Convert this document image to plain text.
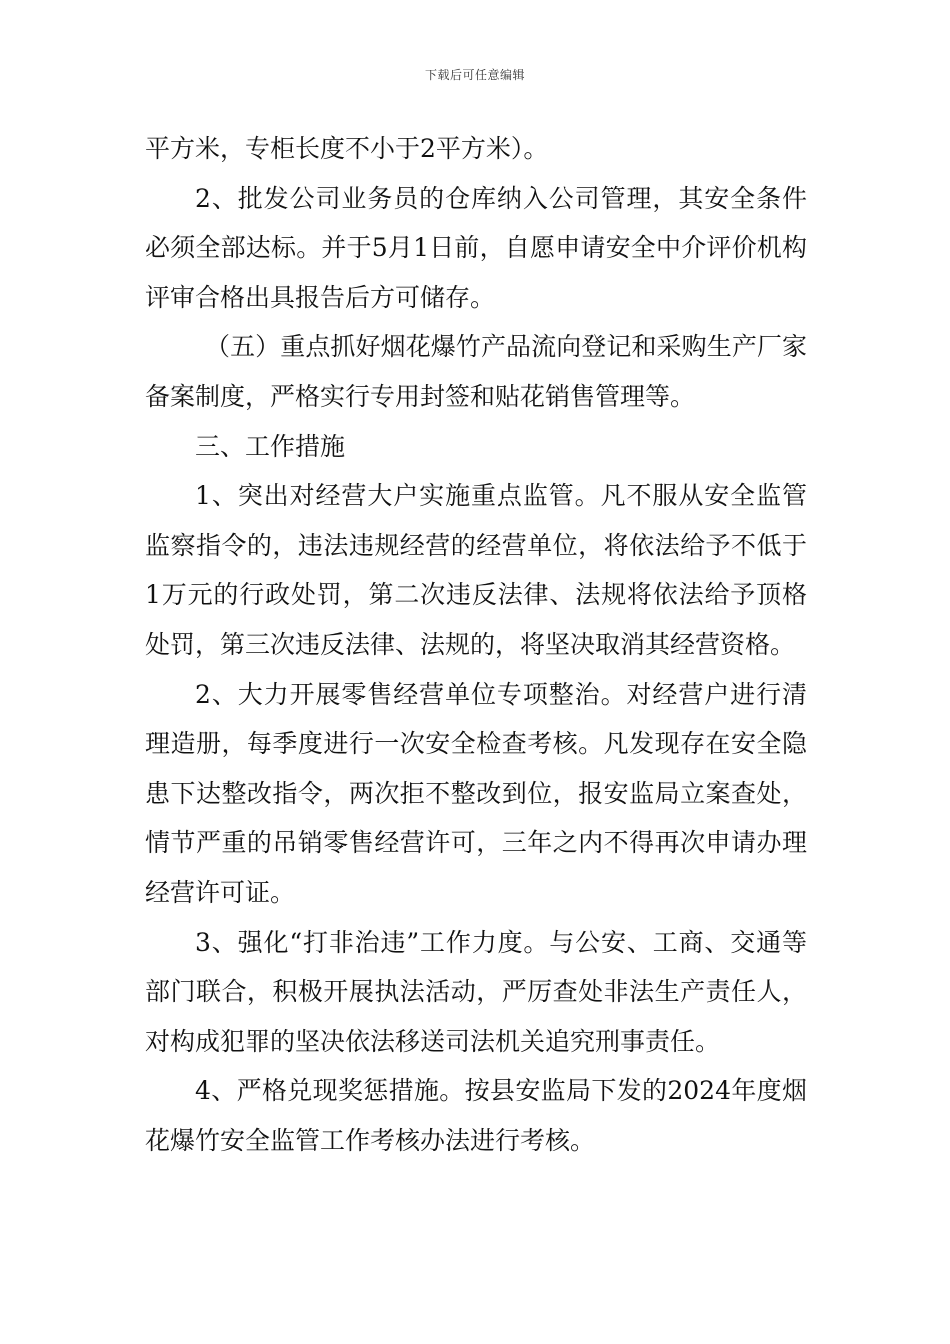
下载后可任意编辑

平方米，专柜长度不小于2平方米）。

2、批发公司业务员的仓库纳入公司管理，其安全条件必须全部达标。并于5月1日前，自愿申请安全中介评价机构评审合格出具报告后方可储存。

（五）重点抓好烟花爆竹产品流向登记和采购生产厂家备案制度，严格实行专用封签和贴花销售管理等。

三、工作措施

1、突出对经营大户实施重点监管。凡不服从安全监管监察指令的，违法违规经营的经营单位，将依法给予不低于1万元的行政处罚，第二次违反法律、法规将依法给予顶格处罚，第三次违反法律、法规的，将坚决取消其经营资格。

2、大力开展零售经营单位专项整治。对经营户进行清理造册，每季度进行一次安全检查考核。凡发现存在安全隐患下达整改指令，两次拒不整改到位，报安监局立案查处，情节严重的吊销零售经营许可，三年之内不得再次申请办理经营许可证。

3、强化“打非治违”工作力度。与公安、工商、交通等部门联合，积极开展执法活动，严厉查处非法生产责任人，对构成犯罪的坚决依法移送司法机关追究刑事责任。

4、严格兑现奖惩措施。按县安监局下发的2024年度烟花爆竹安全监管工作考核办法进行考核。
